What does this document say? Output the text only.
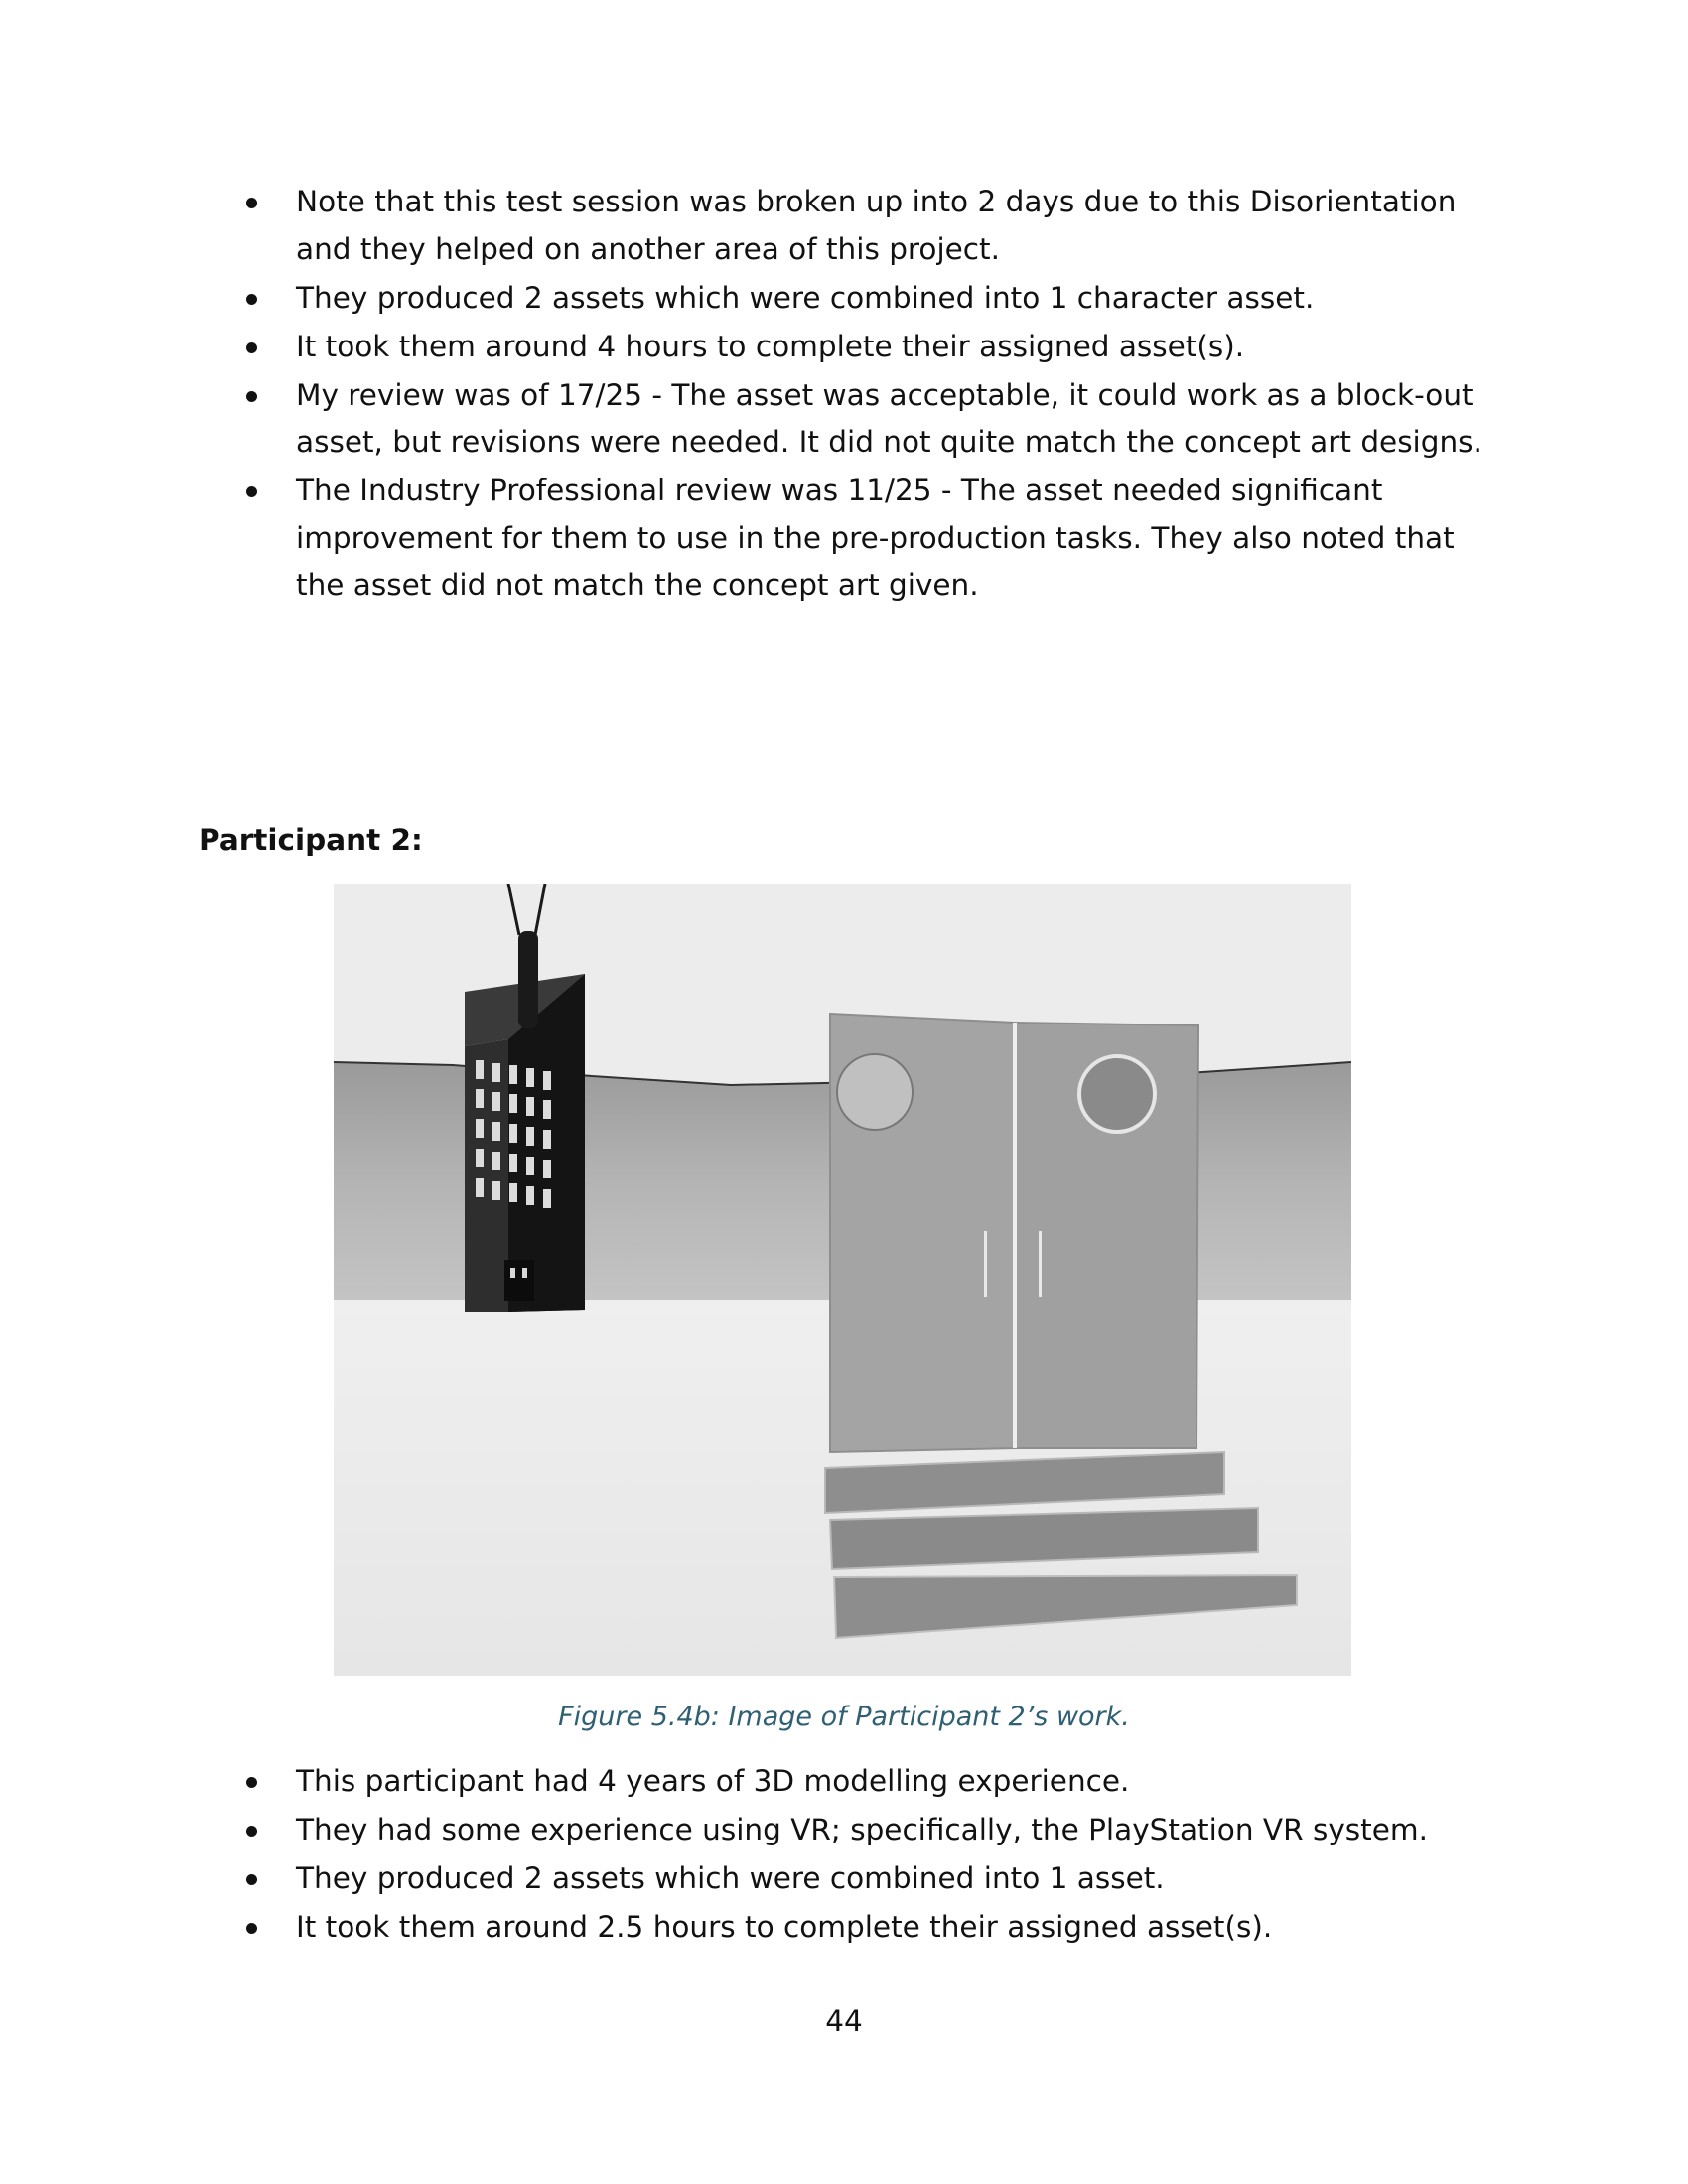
Note that this test session was broken up into 2 days due to this Disorientation and they helped on another area of this project.
They produced 2 assets which were combined into 1 character asset.
It took them around 4 hours to complete their assigned asset(s).
My review was of 17/25 - The asset was acceptable, it could work as a block-out asset, but revisions were needed. It did not quite match the concept art designs.
The Industry Professional review was 11/25 - The asset needed significant improvement for them to use in the pre-production tasks. They also noted that the asset did not match the concept art given.
Participant 2:
Figure 5.4b: Image of Participant 2’s work.
This participant had 4 years of 3D modelling experience.
They had some experience using VR; specifically, the PlayStation VR system.
They produced 2 assets which were combined into 1 asset.
It took them around 2.5 hours to complete their assigned asset(s).
44
